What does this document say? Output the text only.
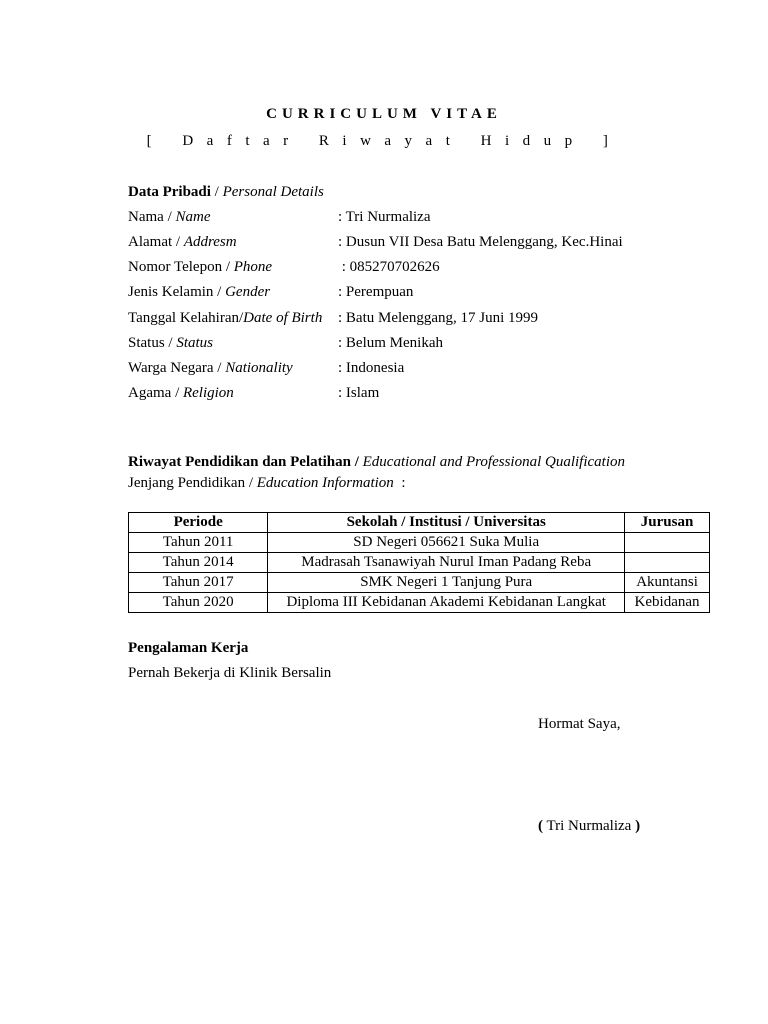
CURRICULUM VITAE
[ Daftar Riwayat Hidup ]
Data Pribadi / Personal Details
Nama / Name	: Tri Nurmaliza
Alamat / Addresm	: Dusun VII Desa Batu Melenggang, Kec.Hinai
Nomor Telepon / Phone	: 085270702626
Jenis Kelamin / Gender	: Perempuan
Tanggal Kelahiran/Date of Birth : Batu Melenggang, 17 Juni 1999
Status / Status	: Belum Menikah
Warga Negara / Nationality	: Indonesia
Agama / Religion	: Islam
Riwayat Pendidikan dan Pelatihan / Educational and Professional Qualification
Jenjang Pendidikan / Education Information  :
Periode	Sekolah / Institusi / Universitas	Jurusan
Tahun 2011	SD Negeri 056621 Suka Mulia	
Tahun 2014	Madrasah Tsanawiyah Nurul Iman Padang Reba	
Tahun 2017	SMK Negeri 1 Tanjung Pura	Akuntansi
Tahun 2020	Diploma III Kebidanan Akademi Kebidanan Langkat	Kebidanan
Pengalaman Kerja
Pernah Bekerja di Klinik Bersalin
Hormat Saya,
( Tri Nurmaliza )
